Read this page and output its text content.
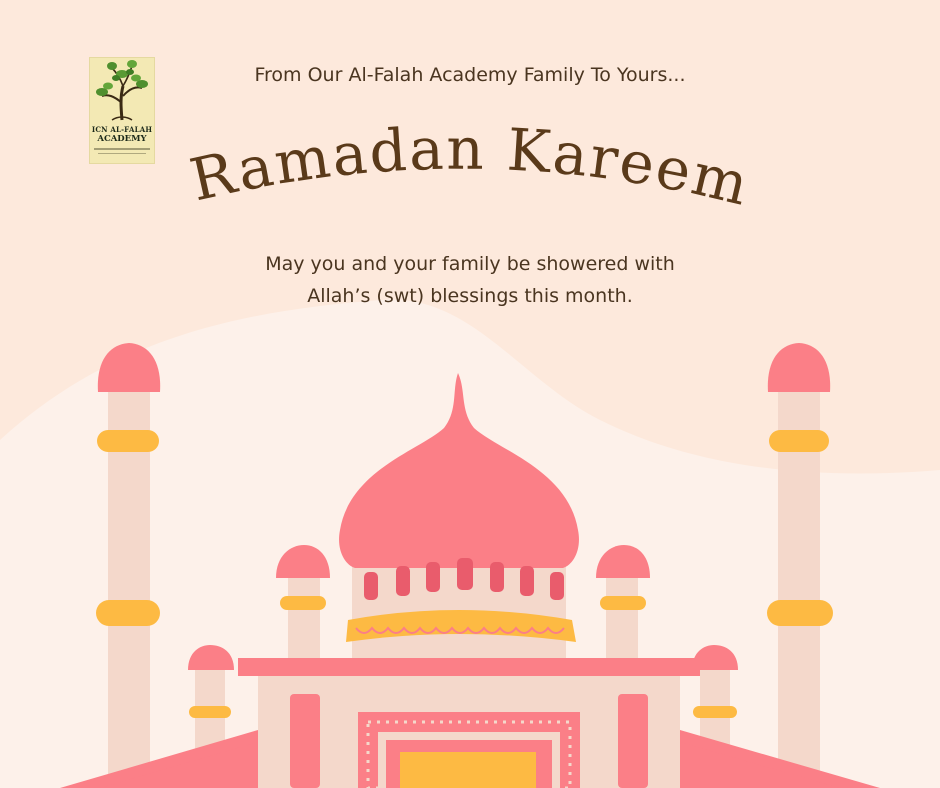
ICN AL-FALAH
ACADEMY
From Our Al-Falah Academy Family To Yours...
Ramadan Kareem
May you and your family be showered with
Allah’s (swt) blessings this month.
